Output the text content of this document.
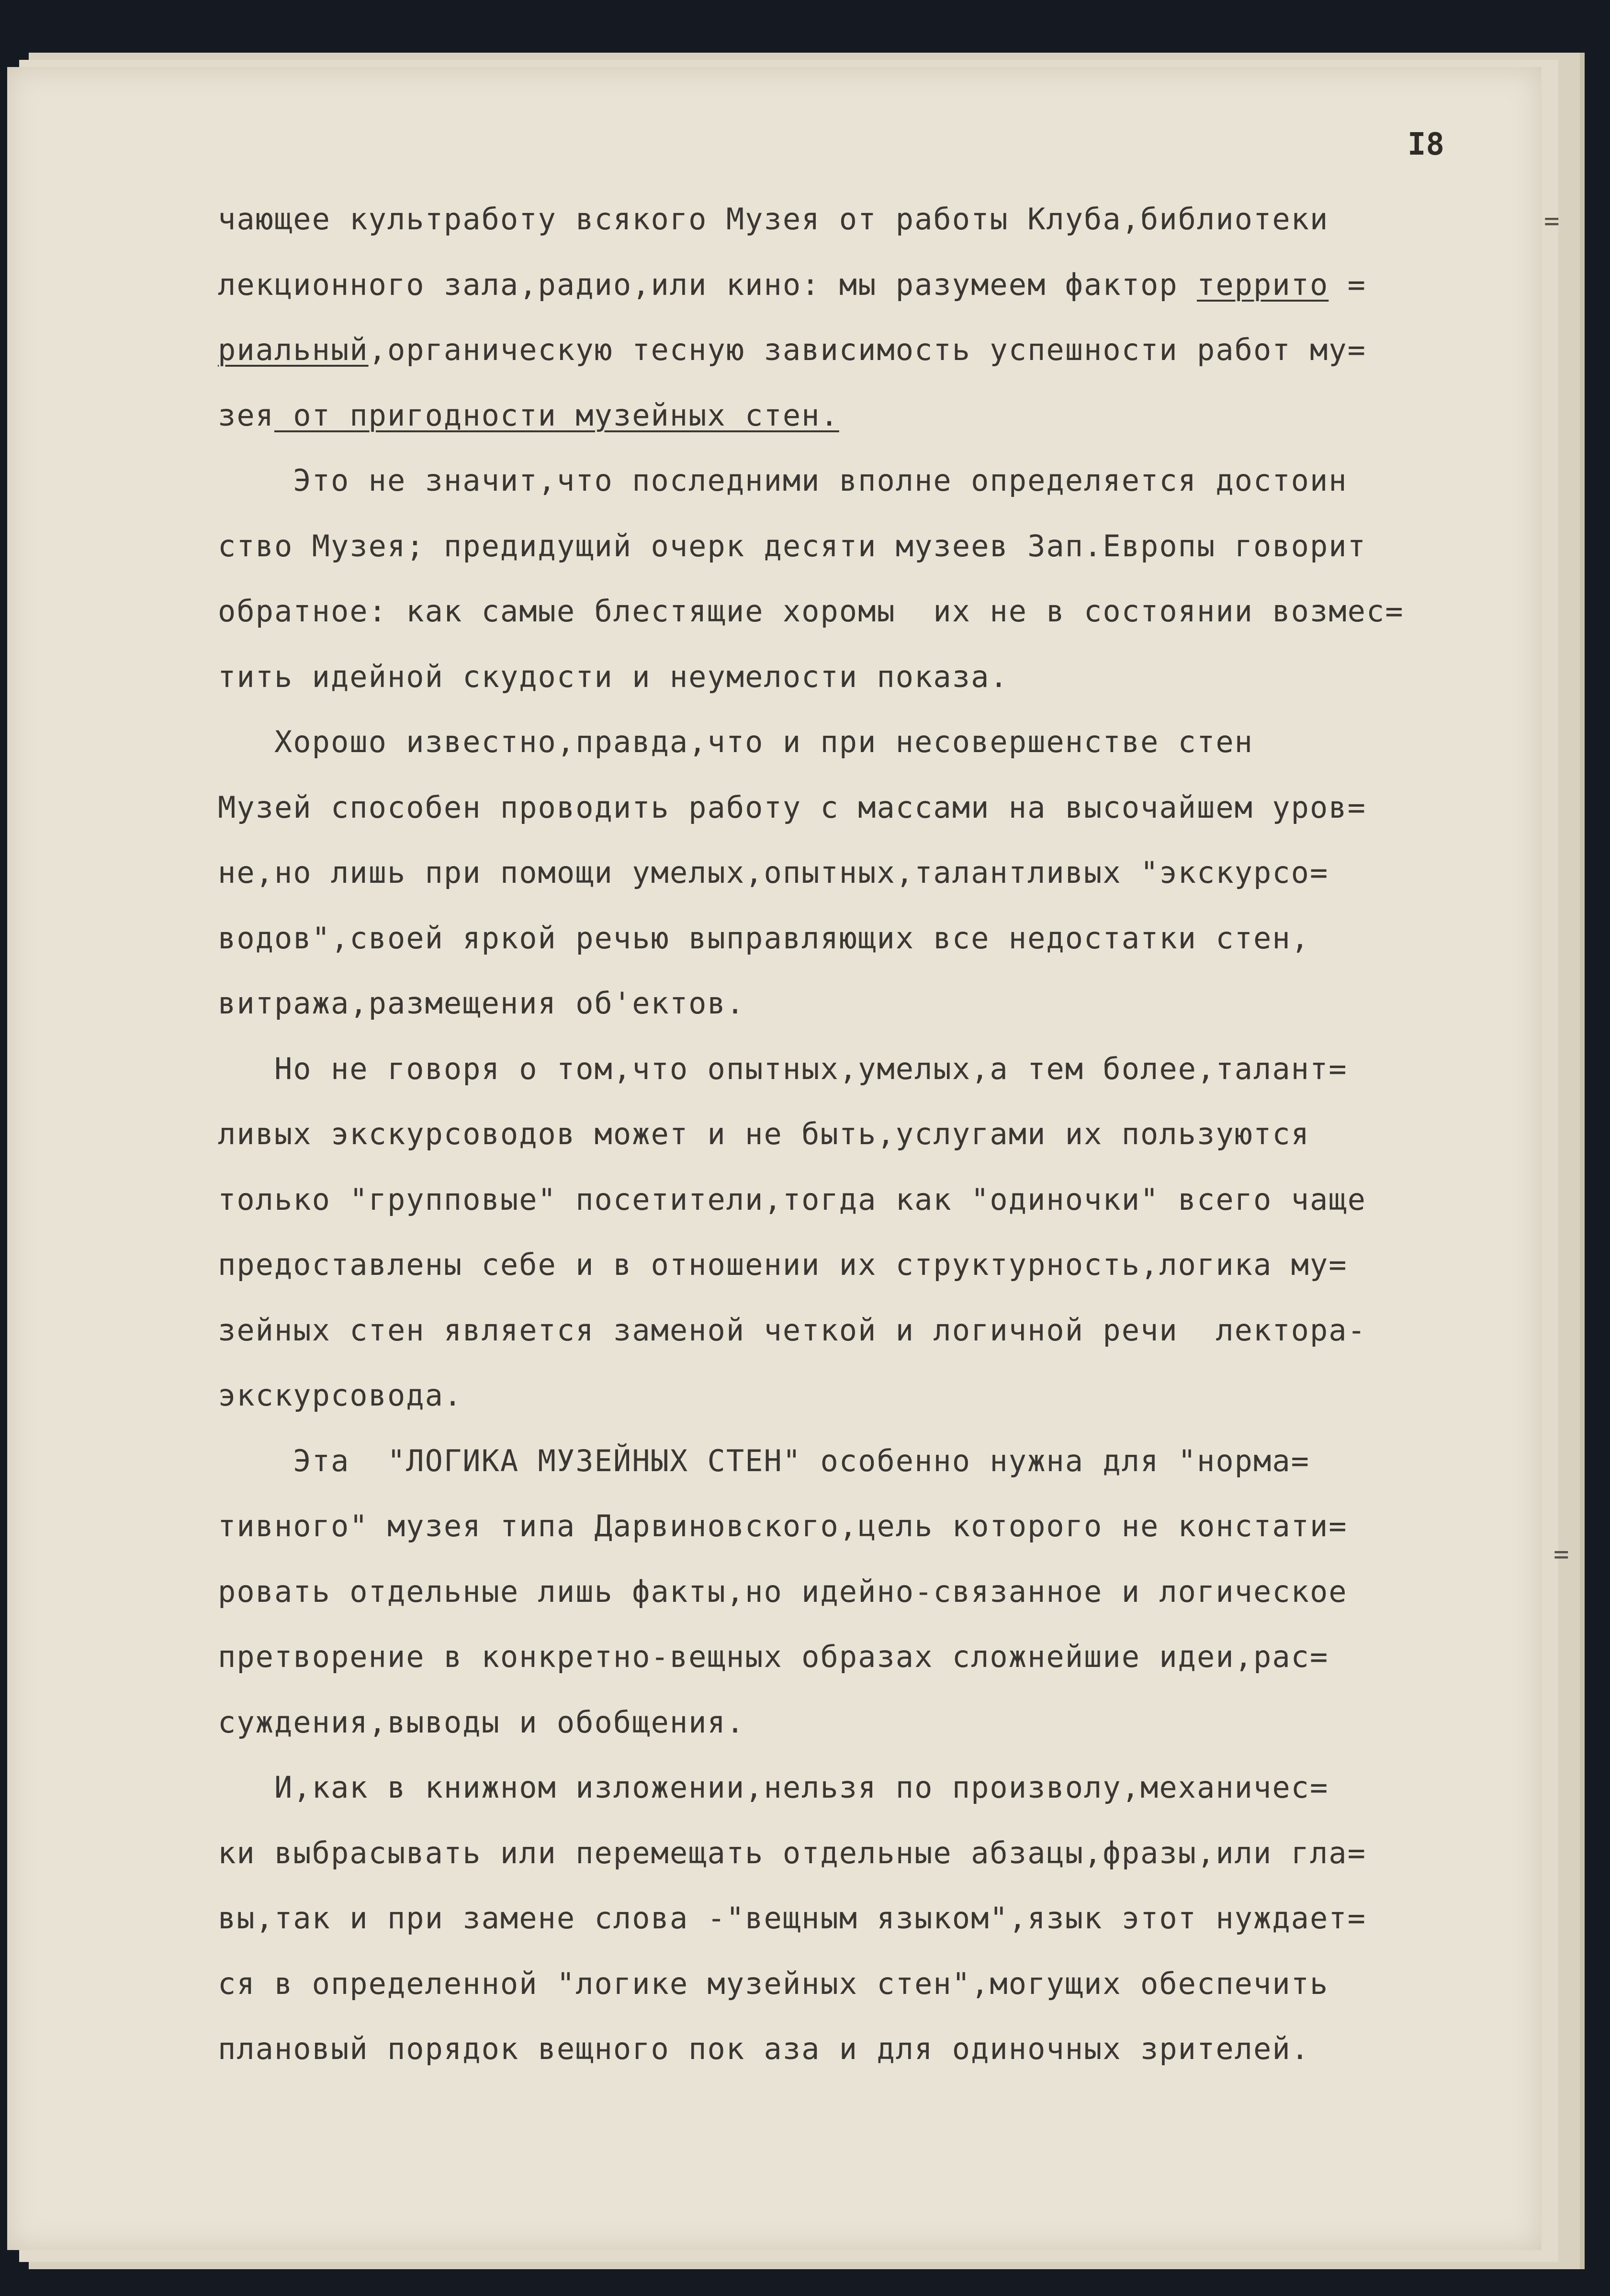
I8
=
=
чающее культработу всякого Музея от работы Клуба,библиотеки
лекционного зала,радио,или кино: мы разумеем фактор террито =
риальный,органическую тесную зависимость успешности работ му=
зея от пригодности музейных стен.
Это не значит,что последними вполне определяется достоин
ство Музея; предидущий очерк десяти музеев Зап.Европы говорит
обратное: как самые блестящие хоромы  их не в состоянии возмес=
тить идейной скудости и неумелости показа.
Хорошо известно,правда,что и при несовершенстве стен
Музей способен проводить работу с массами на высочайшем уров=
не,но лишь при помощи умелых,опытных,талантливых "экскурсо=
водов",своей яркой речью выправляющих все недостатки стен,
витража,размещения об'ектов.
Но не говоря о том,что опытных,умелых,а тем более,талант=
ливых экскурсоводов может и не быть,услугами их пользуются
только "групповые" посетители,тогда как "одиночки" всего чаще
предоставлены себе и в отношении их структурность,логика му=
зейных стен является заменой четкой и логичной речи  лектора-
экскурсовода.
Эта  "ЛОГИКА МУЗЕЙНЫХ СТЕН" особенно нужна для "норма=
тивного" музея типа Дарвиновского,цель которого не констати=
ровать отдельные лишь факты,но идейно-связанное и логическое
претворение в конкретно-вещных образах сложнейшие идеи,рас=
суждения,выводы и обобщения.
И,как в книжном изложении,нельзя по произволу,механичес=
ки выбрасывать или перемещать отдельные абзацы,фразы,или гла=
вы,так и при замене слова -"вещным языком",язык этот нуждает=
ся в определенной "логике музейных стен",могущих обеспечить
плановый порядок вещного пок аза и для одиночных зрителей.
